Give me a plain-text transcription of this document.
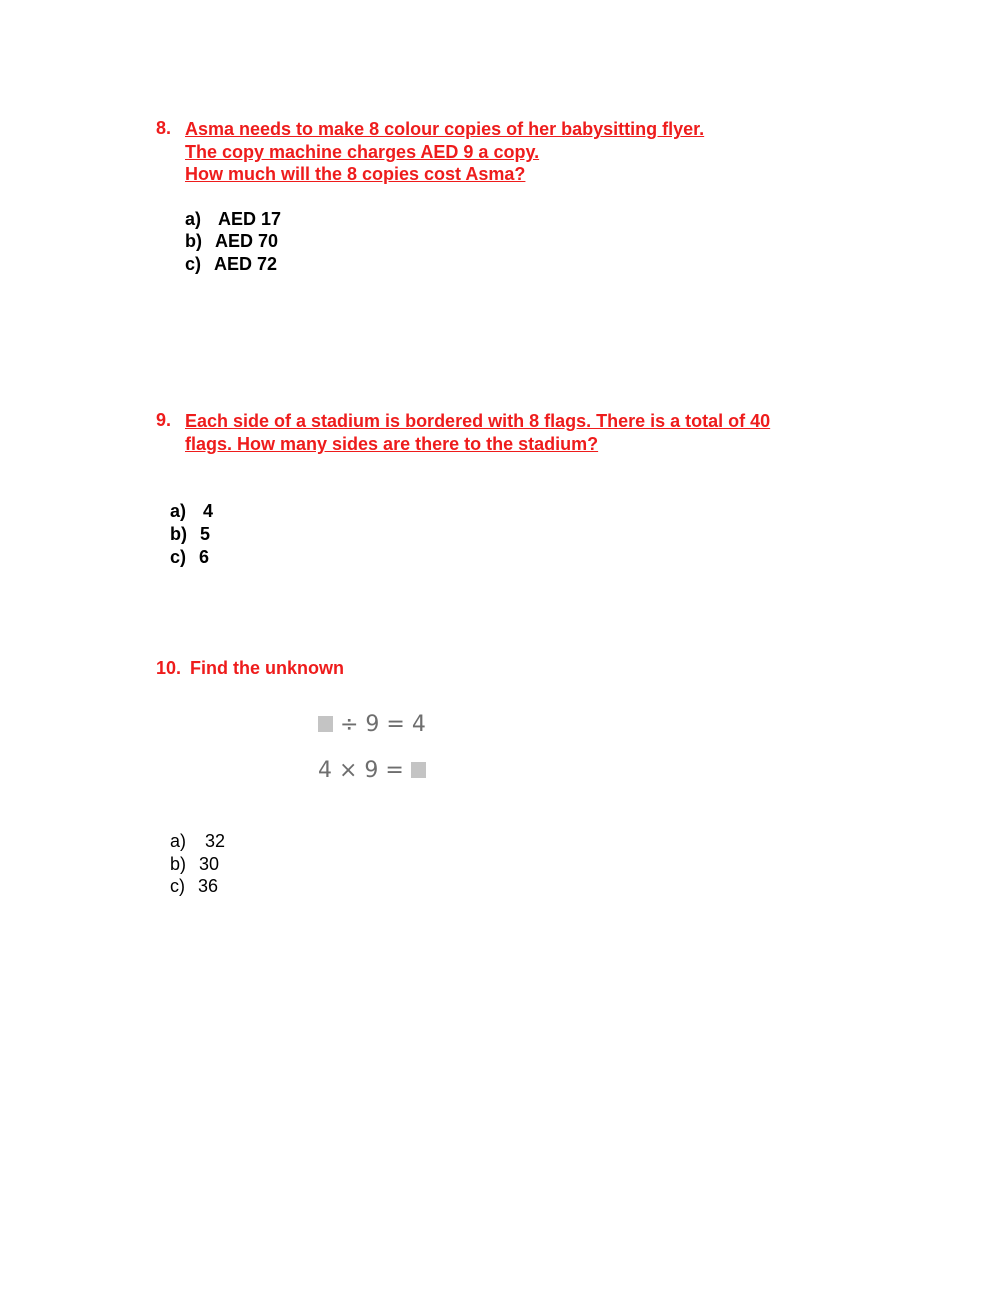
8. Asma needs to make 8 colour copies of her babysitting flyer.
The copy machine charges AED 9 a copy.
How much will the 8 copies cost Asma?
a) AED 17
b) AED 70
c) AED 72
9. Each side of a stadium is bordered with 8 flags. There is a total of 40
flags. How many sides are there to the stadium?
a) 4
b) 5
c) 6
10. Find the unknown
÷ 9 = 4
4 × 9 =
a) 32
b) 30
c) 36
